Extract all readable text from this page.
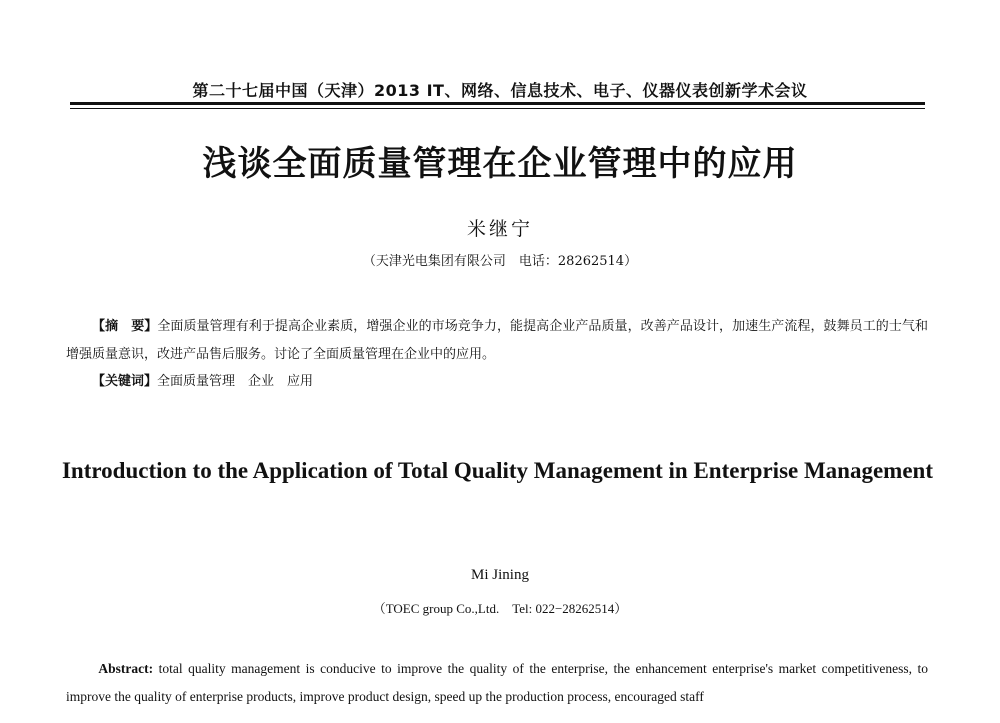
第二十七届中国（天津）2013 IT、网络、信息技术、电子、仪器仪表创新学术会议
浅谈全面质量管理在企业管理中的应用
米继宁
（天津光电集团有限公司　电话：28262514）
【摘　要】全面质量管理有利于提高企业素质，增强企业的市场竞争力，能提高企业产品质量，改善产品设计，加速生产流程，鼓舞员工的士气和增强质量意识，改进产品售后服务。讨论了全面质量管理在企业中的应用。
【关键词】全面质量管理　企业　应用
Introduction to the Application of Total Quality Management in Enterprise Management
Mi Jining
（TOEC group Co.,Ltd.　Tel: 022−28262514）
Abstract: total quality management is conducive to improve the quality of the enterprise, the enhancement enterprise's market competitiveness, to improve the quality of enterprise products, improve product design, speed up the production process, encouraged staff
